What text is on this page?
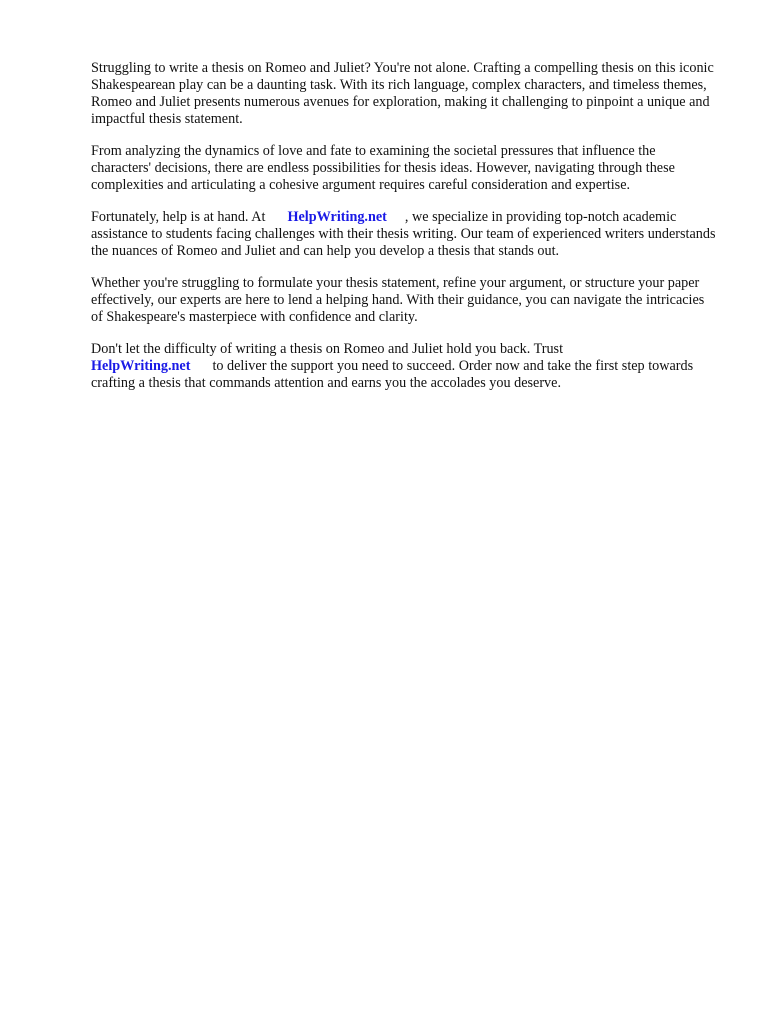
Struggling to write a thesis on Romeo and Juliet? You're not alone. Crafting a compelling thesis on this iconic Shakespearean play can be a daunting task. With its rich language, complex characters, and timeless themes, Romeo and Juliet presents numerous avenues for exploration, making it challenging to pinpoint a unique and impactful thesis statement.

From analyzing the dynamics of love and fate to examining the societal pressures that influence the characters' decisions, there are endless possibilities for thesis ideas. However, navigating through these complexities and articulating a cohesive argument requires careful consideration and expertise.

Fortunately, help is at hand. At HelpWriting.net , we specialize in providing top-notch academic assistance to students facing challenges with their thesis writing. Our team of experienced writers understands the nuances of Romeo and Juliet and can help you develop a thesis that stands out.

Whether you're struggling to formulate your thesis statement, refine your argument, or structure your paper effectively, our experts are here to lend a helping hand. With their guidance, you can navigate the intricacies of Shakespeare's masterpiece with confidence and clarity.

Don't let the difficulty of writing a thesis on Romeo and Juliet hold you back. Trust
HelpWriting.net to deliver the support you need to succeed. Order now and take the first step towards crafting a thesis that commands attention and earns you the accolades you deserve.
